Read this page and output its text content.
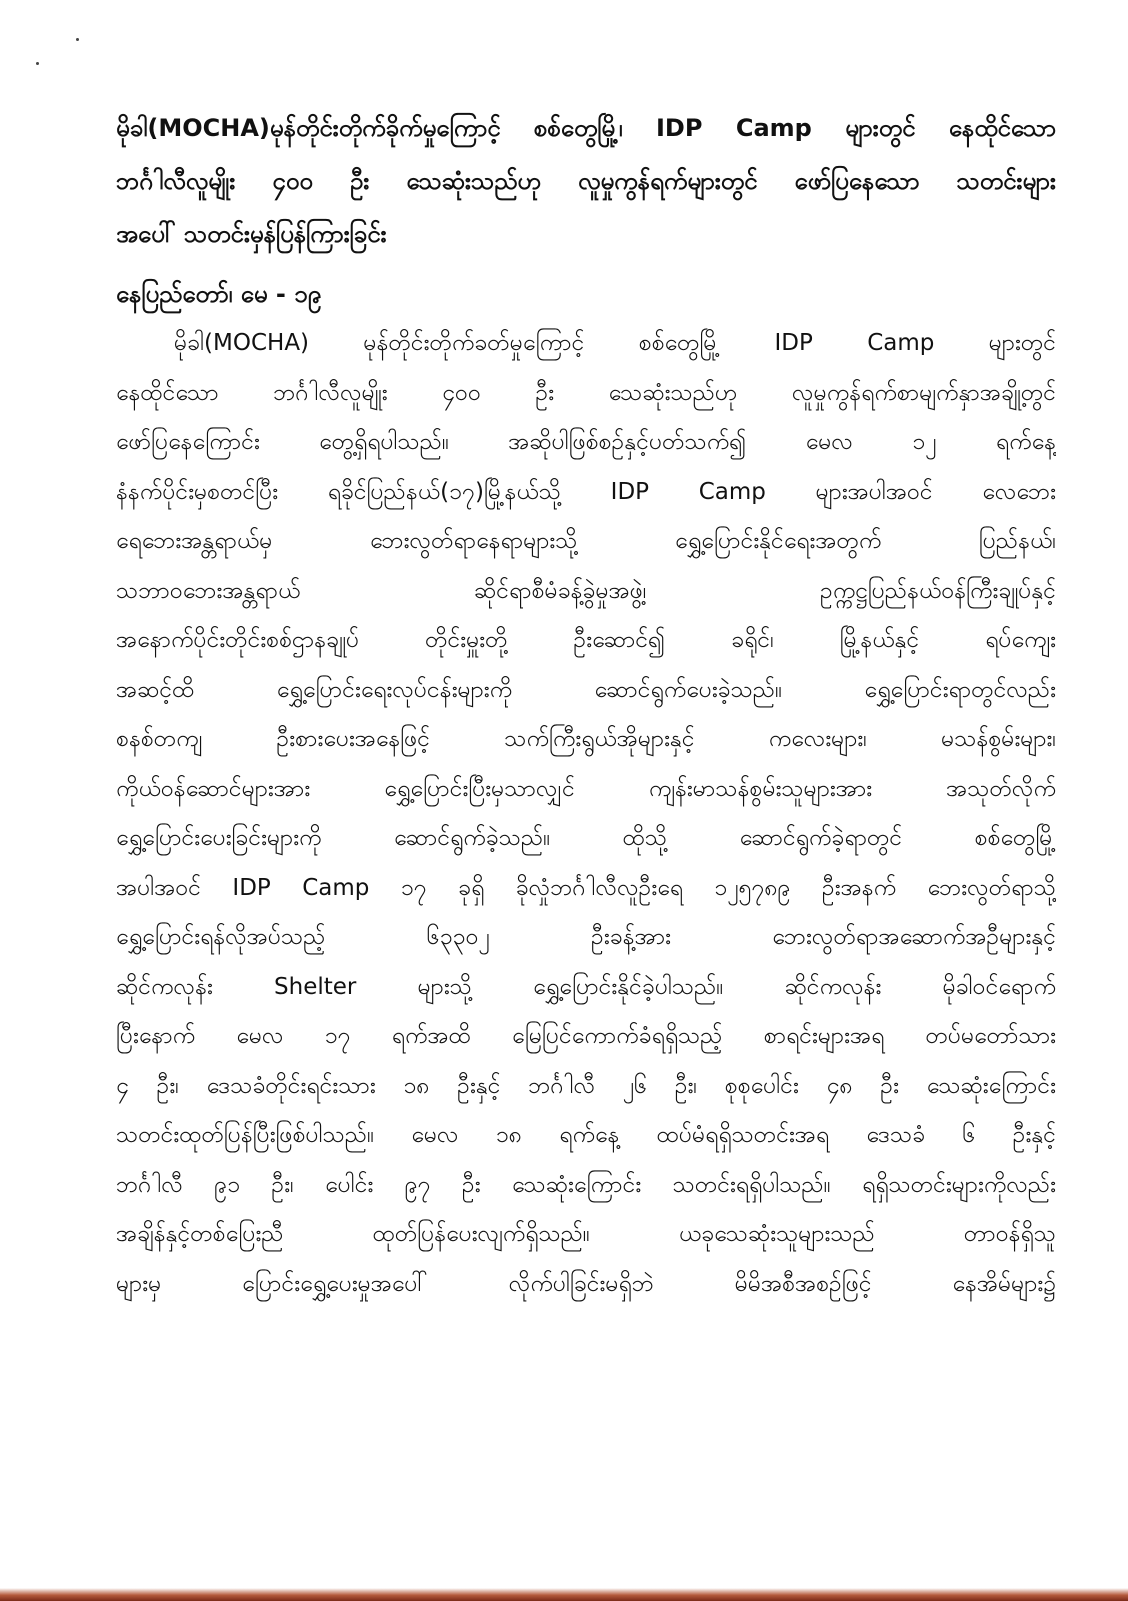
မိုခါ(MOCHA)မုန်တိုင်းတိုက်ခိုက်မှုကြောင့် စစ်တွေမြို့၊ IDP Camp များတွင် နေထိုင်သော
ဘင်္ဂါလီလူမျိုး ၄၀၀ ဦး သေဆုံးသည်ဟု လူမှုကွန်ရက်များတွင် ဖော်ပြနေသော သတင်းများ
အပေါ် သတင်းမှန်ပြန်ကြားခြင်း
နေပြည်တော်၊ မေ - ၁၉
မိုခါ(MOCHA) မုန်တိုင်းတိုက်ခတ်မှုကြောင့် စစ်တွေမြို့ IDP Camp များတွင်
နေထိုင်သော ဘင်္ဂါလီလူမျိုး ၄၀၀ ဦး သေဆုံးသည်ဟု လူမှုကွန်ရက်စာမျက်နှာအချို့တွင်
ဖော်ပြနေကြောင်း တွေ့ရှိရပါသည်။ အဆိုပါဖြစ်စဉ်နှင့်ပတ်သက်၍ မေလ ၁၂ ရက်နေ့
နံနက်ပိုင်းမှစတင်ပြီး ရခိုင်ပြည်နယ်(၁၇)မြို့နယ်သို့ IDP Camp များအပါအဝင် လေဘေး
ရေဘေးအန္တရာယ်မှ ဘေးလွတ်ရာနေရာများသို့ ရွှေ့ပြောင်းနိုင်ရေးအတွက် ပြည်နယ်၊
သဘာဝဘေးအန္တရာယ် ဆိုင်ရာစီမံခန့်ခွဲမှုအဖွဲ့၊ ဥက္ကဋ္ဌပြည်နယ်ဝန်ကြီးချုပ်နှင့်
အနောက်ပိုင်းတိုင်းစစ်ဌာနချုပ် တိုင်းမှူးတို့ ဦးဆောင်၍ ခရိုင်၊ မြို့နယ်နှင့် ရပ်ကျေး
အဆင့်ထိ ရွှေ့ပြောင်းရေးလုပ်ငန်းများကို ဆောင်ရွက်ပေးခဲ့သည်။ ရွှေ့ပြောင်းရာတွင်လည်း
စနစ်တကျ ဦးစားပေးအနေဖြင့် သက်ကြီးရွယ်အိုများနှင့် ကလေးများ၊ မသန်စွမ်းများ၊
ကိုယ်ဝန်ဆောင်များအား ရွှေ့ပြောင်းပြီးမှသာလျှင် ကျန်းမာသန်စွမ်းသူများအား အသုတ်လိုက်
ရွှေ့ပြောင်းပေးခြင်းများကို ဆောင်ရွက်ခဲ့သည်။ ထိုသို့ ဆောင်ရွက်ခဲ့ရာတွင် စစ်တွေမြို့
အပါအဝင် IDP Camp ၁၇ ခုရှိ ခိုလှုံဘင်္ဂါလီလူဦးရေ ၁၂၅၇၈၉ ဦးအနက် ဘေးလွတ်ရာသို့
ရွှေ့ပြောင်းရန်လိုအပ်သည့် ၆၃၃၀၂ ဦးခန့်အား ဘေးလွတ်ရာအဆောက်အဦများနှင့်
ဆိုင်ကလုန်း Shelter များသို့ ရွှေ့ပြောင်းနိုင်ခဲ့ပါသည်။ ဆိုင်ကလုန်း မိုခါဝင်ရောက်
ပြီးနောက် မေလ ၁၇ ရက်အထိ မြေပြင်ကောက်ခံရရှိသည့် စာရင်းများအရ တပ်မတော်သား
၄ ဦး၊ ဒေသခံတိုင်းရင်းသား ၁၈ ဦးနှင့် ဘင်္ဂါလီ ၂၆ ဦး၊ စုစုပေါင်း ၄၈ ဦး သေဆုံးကြောင်း
သတင်းထုတ်ပြန်ပြီးဖြစ်ပါသည်။ မေလ ၁၈ ရက်နေ့ ထပ်မံရရှိသတင်းအရ ဒေသခံ ၆ ဦးနှင့်
ဘင်္ဂါလီ ၉၁ ဦး၊ ပေါင်း ၉၇ ဦး သေဆုံးကြောင်း သတင်းရရှိပါသည်။ ရရှိသတင်းများကိုလည်း
အချိန်နှင့်တစ်ပြေးညီ ထုတ်ပြန်ပေးလျက်ရှိသည်။ ယခုသေဆုံးသူများသည် တာဝန်ရှိသူ
များမှ ပြောင်းရွှေ့ပေးမှုအပေါ် လိုက်ပါခြင်းမရှိဘဲ မိမိအစီအစဉ်ဖြင့် နေအိမ်များ၌
